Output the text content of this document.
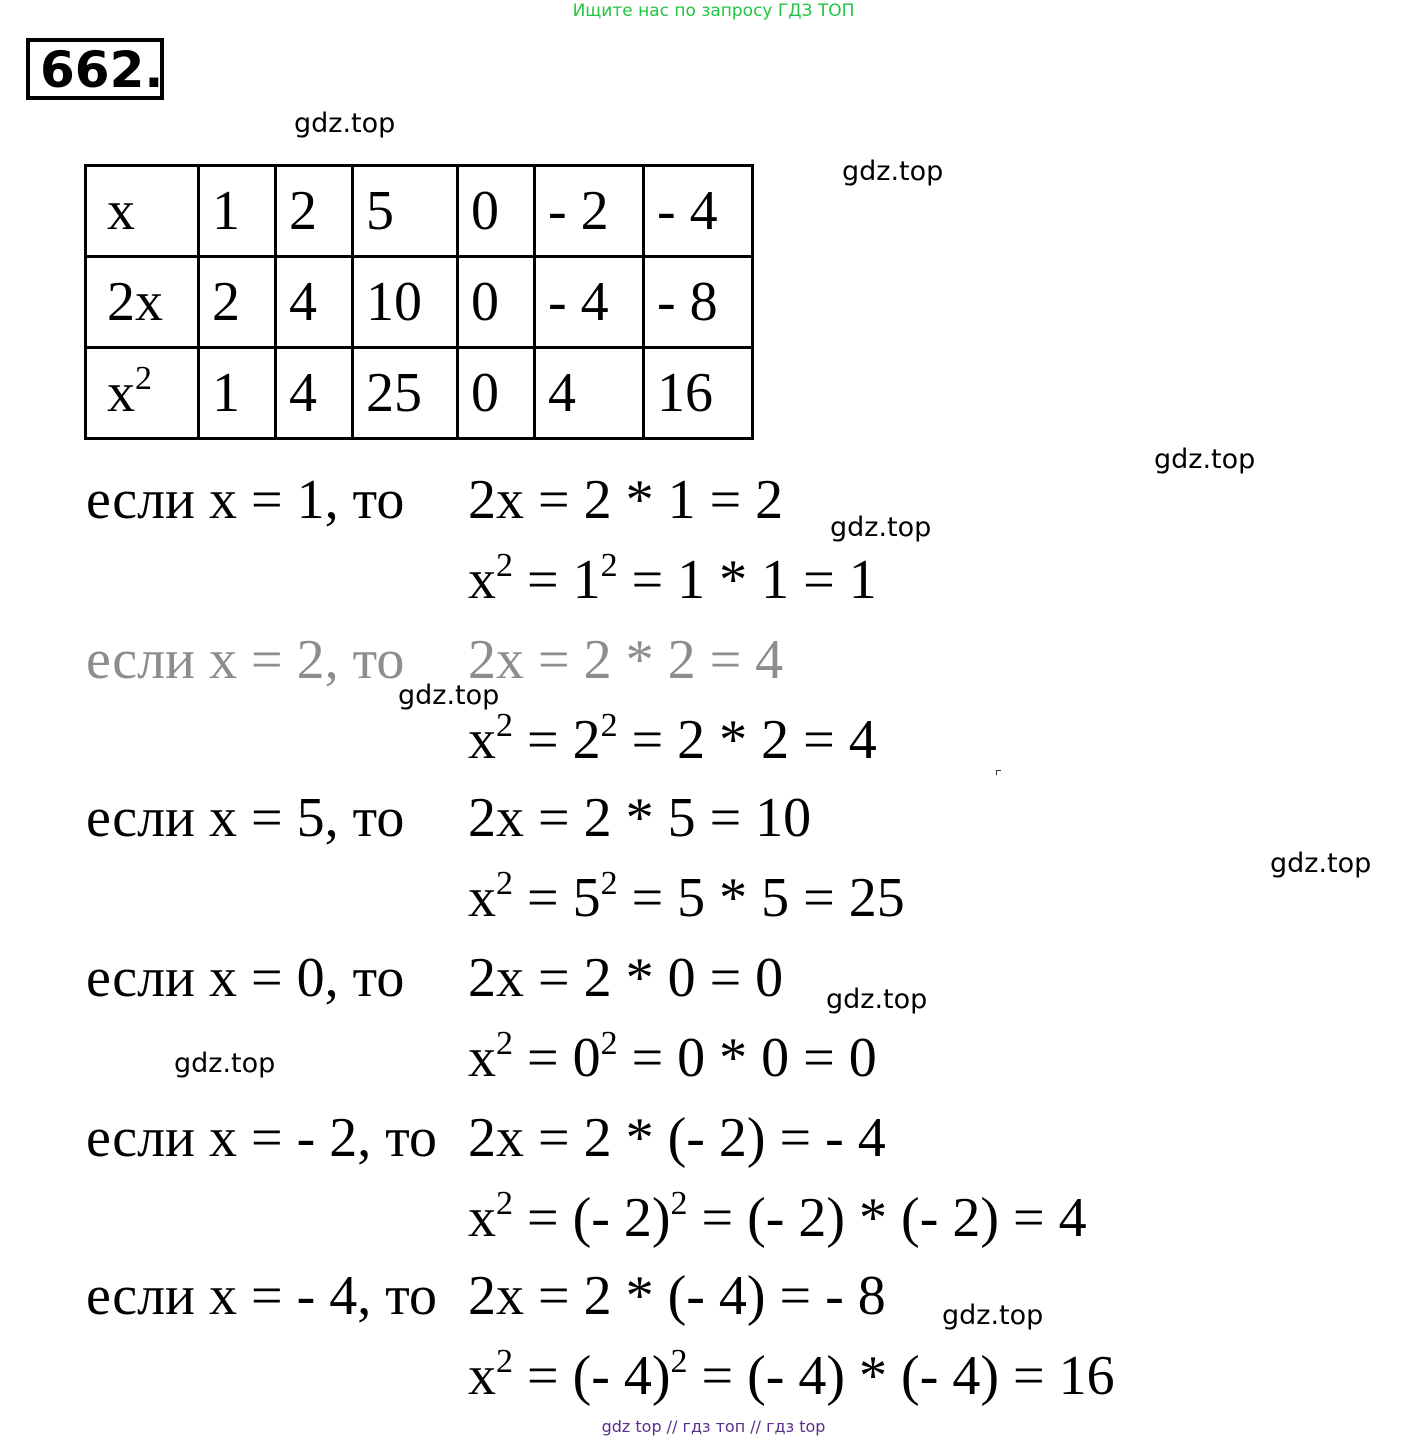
Ищите нас по запросу ГДЗ ТОП
662.
gdz.top
gdz.top
gdz.top
gdz.top
gdz.top
gdz.top
gdz.top
gdz.top
gdz.top
x	1	2	5	0	- 2	- 4
2x	2	4	10	0	- 4	- 8
$x^2$	1	4	25	0	4	16
если x = 1, то 2x = 2 * 1 = 2
$x^2 = 1^2 = 1 * 1 = 1$
если x = 2, то 2x = 2 * 2 = 4
$x^2 = 2^2 = 2 * 2 = 4$
если x = 5, то 2x = 2 * 5 = 10
$x^2 = 5^2 = 5 * 5 = 25$
если x = 0, то 2x = 2 * 0 = 0
$x^2 = 0^2 = 0 * 0 = 0$
если x = - 2, то 2x = 2 * (- 2) = - 4
$x^2$ = (- 2)$^2$ = (- 2) * (- 2) = 4
если x = - 4, то 2x = 2 * (- 4) = - 8
$x^2$ = (- 4)$^2$ = (- 4) * (- 4) = 16
gdz top // гдз топ // гдз top
